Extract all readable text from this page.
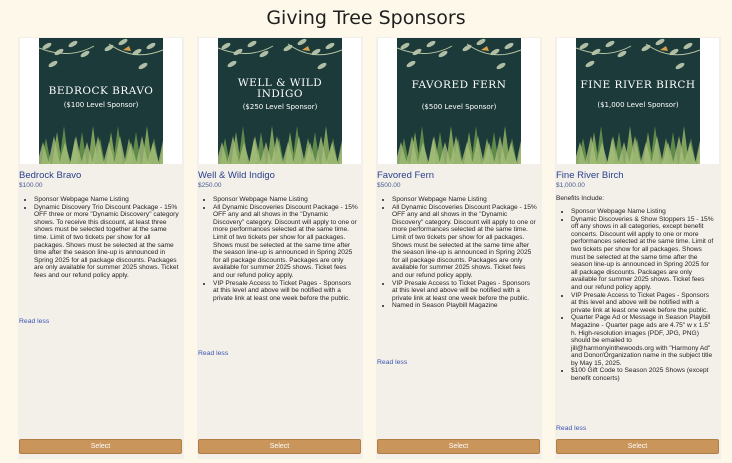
Giving Tree Sponsors
BEDROCK BRAVO
($100 Level Sponsor)
Bedrock Bravo
$100.00
• Sponsor Webpage Name Listing
• Dynamic Discovery Trio Discount Package - 15% OFF three or more "Dynamic Discovery" category shows. To receive this discount, at least three shows must be selected together at the same time. Limit of two tickets per show for all packages. Shows must be selected at the same time after the season line-up is announced in Spring 2025 for all package discounts. Packages are only available for summer 2025 shows. Ticket fees and our refund policy apply.
Read less
Select
WELL & WILD INDIGO
($250 Level Sponsor)
Well & Wild Indigo
$250.00
• Sponsor Webpage Name Listing
• All Dynamic Discoveries Discount Package - 15% OFF any and all shows in the "Dynamic Discovery" category. Discount will apply to one or more performances selected at the same time. Limit of two tickets per show for all packages. Shows must be selected at the same time after the season line-up is announced in Spring 2025 for all package discounts. Packages are only available for summer 2025 shows. Ticket fees and our refund policy apply.
• VIP Presale Access to Ticket Pages - Sponsors at this level and above will be notified with a private link at least one week before the public.
Read less
Select
FAVORED FERN
($500 Level Sponsor)
Favored Fern
$500.00
• Sponsor Webpage Name Listing
• All Dynamic Discoveries Discount Package - 15% OFF any and all shows in the "Dynamic Discovery" category. Discount will apply to one or more performances selected at the same time. Limit of two tickets per show for all packages. Shows must be selected at the same time after the season line-up is announced in Spring 2025 for all package discounts. Packages are only available for summer 2025 shows. Ticket fees and our refund policy apply.
• VIP Presale Access to Ticket Pages - Sponsors at this level and above will be notified with a private link at least one week before the public.
• Named in Season Playbill Magazine
Read less
Select
FINE RIVER BIRCH
($1,000 Level Sponsor)
Fine River Birch
$1,000.00
Benefits Include:
• Sponsor Webpage Name Listing
• Dynamic Discoveries & Show Stoppers 15 - 15% off any shows in all categories, except benefit concerts. Discount will apply to one or more performances selected at the same time. Limit of two tickets per show for all packages. Shows must be selected at the same time after the season line-up is announced in Spring 2025 for all package discounts. Packages are only available for summer 2025 shows. Ticket fees and our refund policy apply.
• VIP Presale Access to Ticket Pages - Sponsors at this level and above will be notified with a private link at least one week before the public.
• Quarter Page Ad or Message in Season Playbill Magazine - Quarter page ads are 4.75" w x 1.5" h. High-resolution images (PDF, JPG, PNG) should be emailed to jill@harmonyinthewoods.org with "Harmony Ad" and Donor/Organization name in the subject title by May 15, 2025.
• $100 Gift Code to Season 2025 Shows (except benefit concerts)
Read less
Select
